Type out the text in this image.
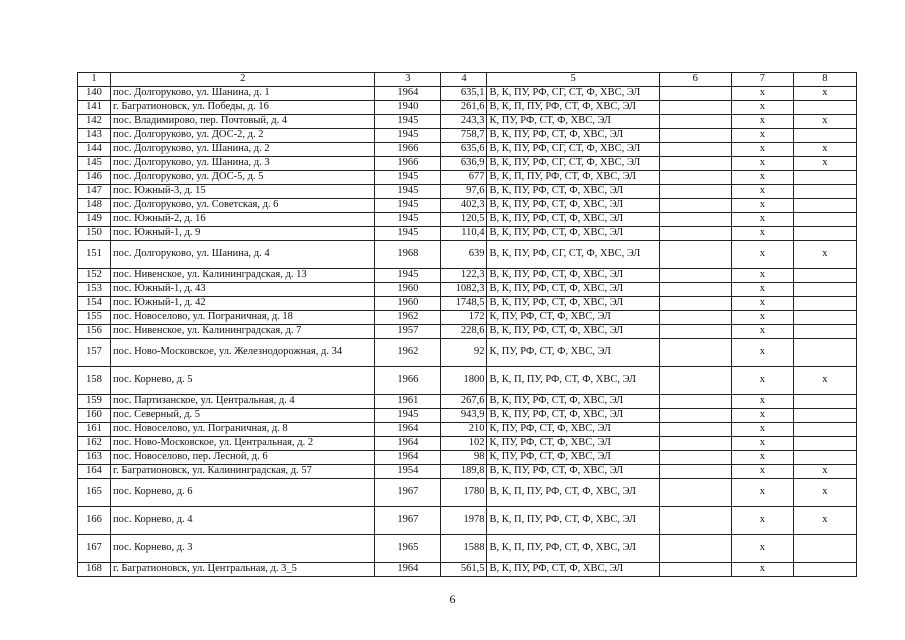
1	2	3	4	5	6	7	8
140	пос. Долгоруково, ул. Шанина, д. 1	1964	635,1	В, К, ПУ, РФ, СГ, СТ, Ф, ХВС, ЭЛ		x	x
141	г. Багратионовск, ул. Победы, д. 16	1940	261,6	В, К, П, ПУ, РФ, СТ, Ф, ХВС, ЭЛ		x	
142	пос. Владимирово, пер. Почтовый, д. 4	1945	243,3	К, ПУ, РФ, СТ, Ф, ХВС, ЭЛ		x	x
143	пос. Долгоруково, ул. ДОС-2, д. 2	1945	758,7	В, К, ПУ, РФ, СТ, Ф, ХВС, ЭЛ		x	
144	пос. Долгоруково, ул. Шанина, д. 2	1966	635,6	В, К, ПУ, РФ, СГ, СТ, Ф, ХВС, ЭЛ		x	x
145	пос. Долгоруково, ул. Шанина, д. 3	1966	636,9	В, К, ПУ, РФ, СГ, СТ, Ф, ХВС, ЭЛ		x	x
146	пос. Долгоруково, ул. ДОС-5, д. 5	1945	677	В, К, П, ПУ, РФ, СТ, Ф, ХВС, ЭЛ		x	
147	пос. Южный-3, д. 15	1945	97,6	В, К, ПУ, РФ, СТ, Ф, ХВС, ЭЛ		x	
148	пос. Долгоруково, ул. Советская, д. 6	1945	402,3	В, К, ПУ, РФ, СТ, Ф, ХВС, ЭЛ		x	
149	пос. Южный-2, д. 16	1945	120,5	В, К, ПУ, РФ, СТ, Ф, ХВС, ЭЛ		x	
150	пос. Южный-1, д. 9	1945	110,4	В, К, ПУ, РФ, СТ, Ф, ХВС, ЭЛ		x	
151	пос. Долгоруково, ул. Шанина, д. 4	1968	639	В, К, ПУ, РФ, СГ, СТ, Ф, ХВС, ЭЛ		x	x
152	пос. Нивенское, ул. Калининградская, д. 13	1945	122,3	В, К, ПУ, РФ, СТ, Ф, ХВС, ЭЛ		x	
153	пос. Южный-1, д. 43	1960	1082,3	В, К, ПУ, РФ, СТ, Ф, ХВС, ЭЛ		x	
154	пос. Южный-1, д. 42	1960	1748,5	В, К, ПУ, РФ, СТ, Ф, ХВС, ЭЛ		x	
155	пос. Новоселово, ул. Пограничная, д. 18	1962	172	К, ПУ, РФ, СТ, Ф, ХВС, ЭЛ		x	
156	пос. Нивенское, ул. Калининградская, д. 7	1957	228,6	В, К, ПУ, РФ, СТ, Ф, ХВС, ЭЛ		x	
157	пос. Ново-Московское, ул. Железнодорожная, д. 34	1962	92	К, ПУ, РФ, СТ, Ф, ХВС, ЭЛ		x	
158	пос. Корнево, д. 5	1966	1800	В, К, П, ПУ, РФ, СТ, Ф, ХВС, ЭЛ		x	x
159	пос. Партизанское, ул. Центральная, д. 4	1961	267,6	В, К, ПУ, РФ, СТ, Ф, ХВС, ЭЛ		x	
160	пос. Северный, д. 5	1945	943,9	В, К, ПУ, РФ, СТ, Ф, ХВС, ЭЛ		x	
161	пос. Новоселово, ул. Пограничная, д. 8	1964	210	К, ПУ, РФ, СТ, Ф, ХВС, ЭЛ		x	
162	пос. Ново-Московское, ул. Центральная, д. 2	1964	102	К, ПУ, РФ, СТ, Ф, ХВС, ЭЛ		x	
163	пос. Новоселово, пер. Лесной, д. 6	1964	98	К, ПУ, РФ, СТ, Ф, ХВС, ЭЛ		x	
164	г. Багратионовск, ул. Калининградская, д. 57	1954	189,8	В, К, ПУ, РФ, СТ, Ф, ХВС, ЭЛ		x	x
165	пос. Корнево, д. 6	1967	1780	В, К, П, ПУ, РФ, СТ, Ф, ХВС, ЭЛ		x	x
166	пос. Корнево, д. 4	1967	1978	В, К, П, ПУ, РФ, СТ, Ф, ХВС, ЭЛ		x	x
167	пос. Корнево, д. 3	1965	1588	В, К, П, ПУ, РФ, СТ, Ф, ХВС, ЭЛ		x	
168	г. Багратионовск, ул. Центральная, д. 3_5	1964	561,5	В, К, ПУ, РФ, СТ, Ф, ХВС, ЭЛ		x	
6
